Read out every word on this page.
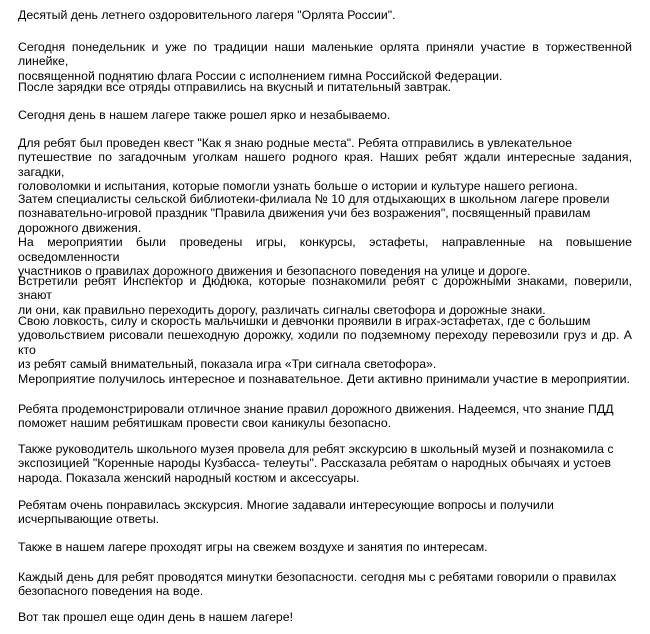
Десятый день летнего оздоровительного лагеря "Орлята России".

Сегодня понедельник и уже по традиции наши маленькие орлята приняли участие в торжественной линейке,
посвященной поднятию флага России с исполнением гимна Российской Федерации.

После зарядки все отряды отправились на вкусный и питательный завтрак.

Сегодня день в нашем лагере также рошел ярко и незабываемо.

Для ребят был проведен квест "Как я знаю родные места". Ребята отправились в увлекательное
путешествие по загадочным уголкам нашего родного края. Наших ребят ждали интересные задания, загадки,
головоломки и испытания, которые помогли узнать больше о истории и культуре нашего региона.

Затем специалисты сельской библиотеки-филиала № 10 для отдыхающих в школьном лагере провели
познавательно-игровой праздник "Правила движения учи без возражения", посвященный правилам
дорожного движения.
На мероприятии были проведены игры, конкурсы, эстафеты, направленные на повышение осведомленности
участников о правилах дорожного движения и безопасного поведения на улице и дороге.

Встретили ребят Инспектор и Дюдюка, которые познакомили ребят с дорожными знаками, поверили, знают
ли они, как правильно переходить дорогу, различать сигналы светофора и дорожные знаки.

Свою ловкость, силу и скорость мальчишки и девчонки проявили в играх-эстафетах, где с большим
удовольствием рисовали пешеходную дорожку, ходили по подземному переходу перевозили груз и др. А кто
из ребят самый внимательный, показала игра «Три сигнала светофора».

Мероприятие получилось интересное и познавательное. Дети активно принимали участие в мероприятии.

Ребята продемонстрировали отличное знание правил дорожного движения. Надеемся, что знание ПДД
поможет нашим ребятишкам провести свои каникулы безопасно.

Также руководитель школьного музея провела для ребят экскурсию в школьный музей и познакомила с
экспозицией "Коренные народы Кузбасса- телеуты". Рассказала ребятам о народных обычаях и устоев
народа. Показала женский народный костюм и аксессуары.

Ребятам очень понравилась экскурсия. Многие задавали интересующие вопросы и получили
исчерпывающие ответы.

Также в нашем лагере проходят игры на свежем воздухе и занятия по интересам.

Каждый день для ребят проводятся минутки безопасности. сегодня мы с ребятами говорили о правилах
безопасного поведения на воде.

Вот так прошел еще один день в нашем лагере!
